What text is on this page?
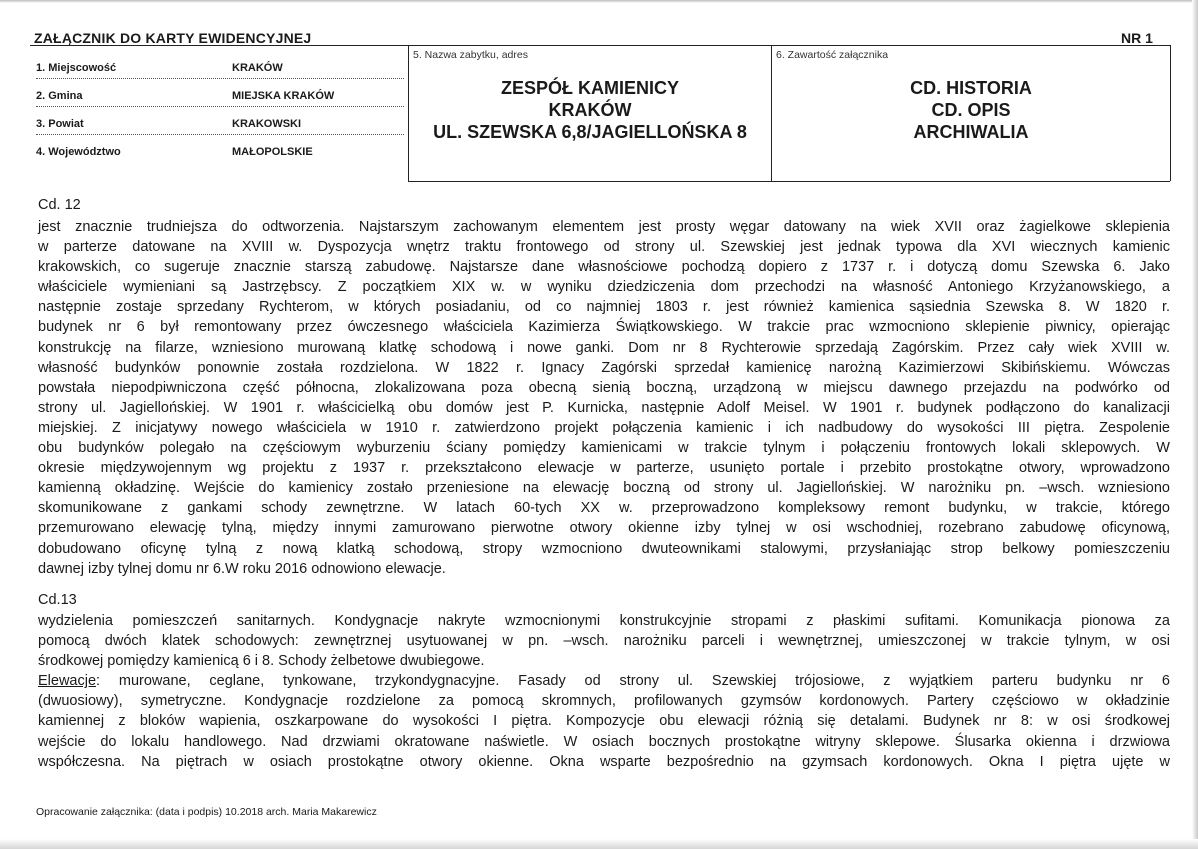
ZAŁĄCZNIK DO KARTY EWIDENCYJNEJ	NR 1
1. Miejscowość	KRAKÓW
2. Gmina	MIEJSKA KRAKÓW
3. Powiat	KRAKOWSKI
4. Województwo	MAŁOPOLSKIE
5. Nazwa zabytku, adres
ZESPÓŁ KAMIENICY
KRAKÓW
UL. SZEWSKA 6,8/JAGIELLOŃSKA 8
6. Zawartość załącznika
CD. HISTORIA
CD. OPIS
ARCHIWALIA
Cd. 12
jest znacznie trudniejsza do odtworzenia. Najstarszym zachowanym elementem jest prosty węgar datowany na wiek XVII oraz żagielkowe sklepienia
w parterze datowane na XVIII w. Dyspozycja wnętrz traktu frontowego od strony ul. Szewskiej jest jednak typowa dla XVI wiecznych kamienic
krakowskich, co sugeruje znacznie starszą zabudowę. Najstarsze dane własnościowe pochodzą dopiero z 1737 r. i dotyczą domu Szewska 6. Jako
właściciele wymieniani są Jastrzębscy. Z początkiem XIX w. w wyniku dziedziczenia dom przechodzi na własność Antoniego Krzyżanowskiego, a
następnie zostaje sprzedany Rychterom, w których posiadaniu, od co najmniej 1803 r. jest również kamienica sąsiednia Szewska 8. W 1820 r.
budynek nr 6 był remontowany przez ówczesnego właściciela Kazimierza Świątkowskiego. W trakcie prac wzmocniono sklepienie piwnicy, opierając
konstrukcję na filarze, wzniesiono murowaną klatkę schodową i nowe ganki. Dom nr 8 Rychterowie sprzedają Zagórskim. Przez cały wiek XVIII w.
własność budynków ponownie została rozdzielona. W 1822 r. Ignacy Zagórski sprzedał kamienicę narożną Kazimierzowi Skibińskiemu. Wówczas
powstała niepodpiwniczona część północna, zlokalizowana poza obecną sienią boczną, urządzoną w miejscu dawnego przejazdu na podwórko od
strony ul. Jagiellońskiej. W 1901 r. właścicielką obu domów jest P. Kurnicka, następnie Adolf Meisel. W 1901 r. budynek podłączono do kanalizacji
miejskiej. Z inicjatywy nowego właściciela w 1910 r. zatwierdzono projekt połączenia kamienic i ich nadbudowy do wysokości III piętra. Zespolenie
obu budynków polegało na częściowym wyburzeniu ściany pomiędzy kamienicami w trakcie tylnym i połączeniu frontowych lokali sklepowych. W
okresie międzywojennym wg projektu z 1937 r. przekształcono elewacje w parterze, usunięto portale i przebito prostokątne otwory, wprowadzono
kamienną okładzinę. Wejście do kamienicy zostało przeniesione na elewację boczną od strony ul. Jagiellońskiej. W narożniku pn. –wsch. wzniesiono
skomunikowane z gankami schody zewnętrzne. W latach 60-tych XX w. przeprowadzono kompleksowy remont budynku, w trakcie, którego
przemurowano elewację tylną, między innymi zamurowano pierwotne otwory okienne izby tylnej w osi wschodniej, rozebrano zabudowę oficynową,
dobudowano oficynę tylną z nową klatką schodową, stropy wzmocniono dwuteownikami stalowymi, przysłaniając strop belkowy pomieszczeniu
dawnej izby tylnej domu nr 6.W roku 2016 odnowiono elewacje.
Cd.13
wydzielenia pomieszczeń sanitarnych. Kondygnacje nakryte wzmocnionymi konstrukcyjnie stropami z płaskimi sufitami. Komunikacja pionowa za
pomocą dwóch klatek schodowych: zewnętrznej usytuowanej w pn. –wsch. narożniku parceli i wewnętrznej, umieszczonej w trakcie tylnym, w osi
środkowej pomiędzy kamienicą 6 i 8. Schody żelbetowe dwubiegowe.
Elewacje: murowane, ceglane, tynkowane, trzykondygnacyjne. Fasady od strony ul. Szewskiej trójosiowe, z wyjątkiem parteru budynku nr 6
(dwuosiowy), symetryczne. Kondygnacje rozdzielone za pomocą skromnych, profilowanych gzymsów kordonowych. Partery częściowo w okładzinie
kamiennej z bloków wapienia, oszkarpowane do wysokości I piętra. Kompozycje obu elewacji różnią się detalami. Budynek nr 8: w osi środkowej
wejście do lokalu handlowego. Nad drzwiami okratowane naświetle. W osiach bocznych prostokątne witryny sklepowe. Ślusarka okienna i drzwiowa
współczesna. Na piętrach w osiach prostokątne otwory okienne. Okna wsparte bezpośrednio na gzymsach kordonowych. Okna I piętra ujęte w
Opracowanie załącznika: (data i podpis) 10.2018 arch. Maria Makarewicz
